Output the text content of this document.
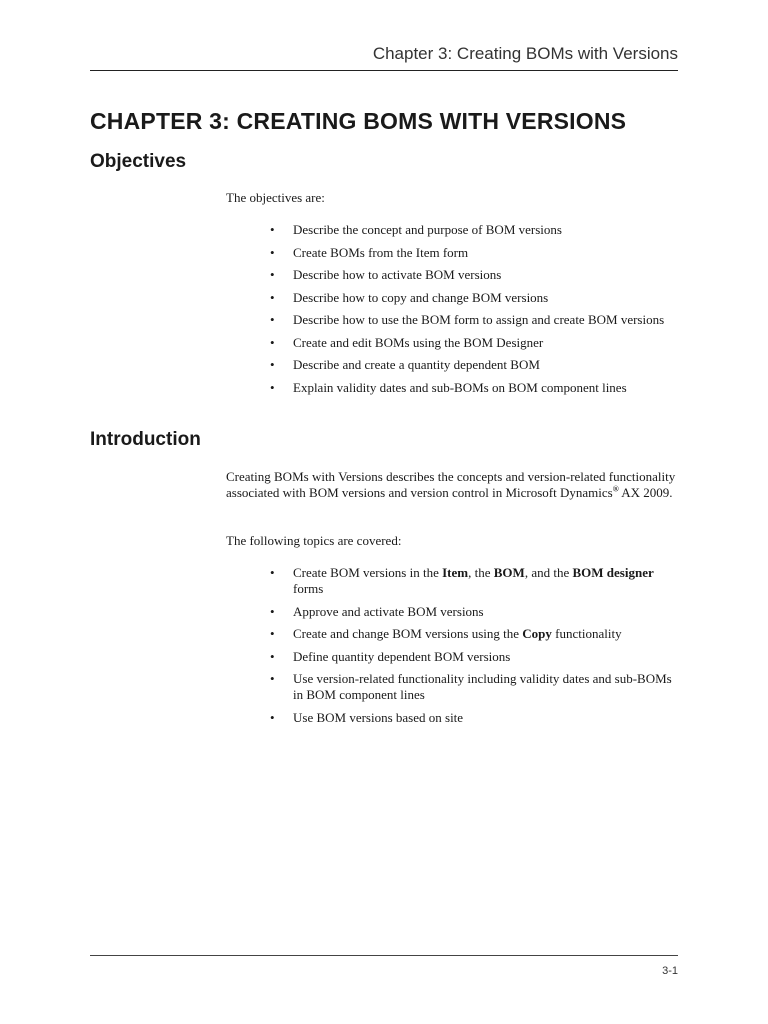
Chapter 3: Creating BOMs with Versions
CHAPTER 3: CREATING BOMS WITH VERSIONS
Objectives

The objectives are:

• Describe the concept and purpose of BOM versions
• Create BOMs from the Item form
• Describe how to activate BOM versions
• Describe how to copy and change BOM versions
• Describe how to use the BOM form to assign and create BOM versions
• Create and edit BOMs using the BOM Designer
• Describe and create a quantity dependent BOM
• Explain validity dates and sub-BOMs on BOM component lines
Introduction

Creating BOMs with Versions describes the concepts and version-related functionality associated with BOM versions and version control in Microsoft Dynamics® AX 2009.

The following topics are covered:

• Create BOM versions in the Item, the BOM, and the BOM designer forms
• Approve and activate BOM versions
• Create and change BOM versions using the Copy functionality
• Define quantity dependent BOM versions
• Use version-related functionality including validity dates and sub-BOMs in BOM component lines
• Use BOM versions based on site
3-1
